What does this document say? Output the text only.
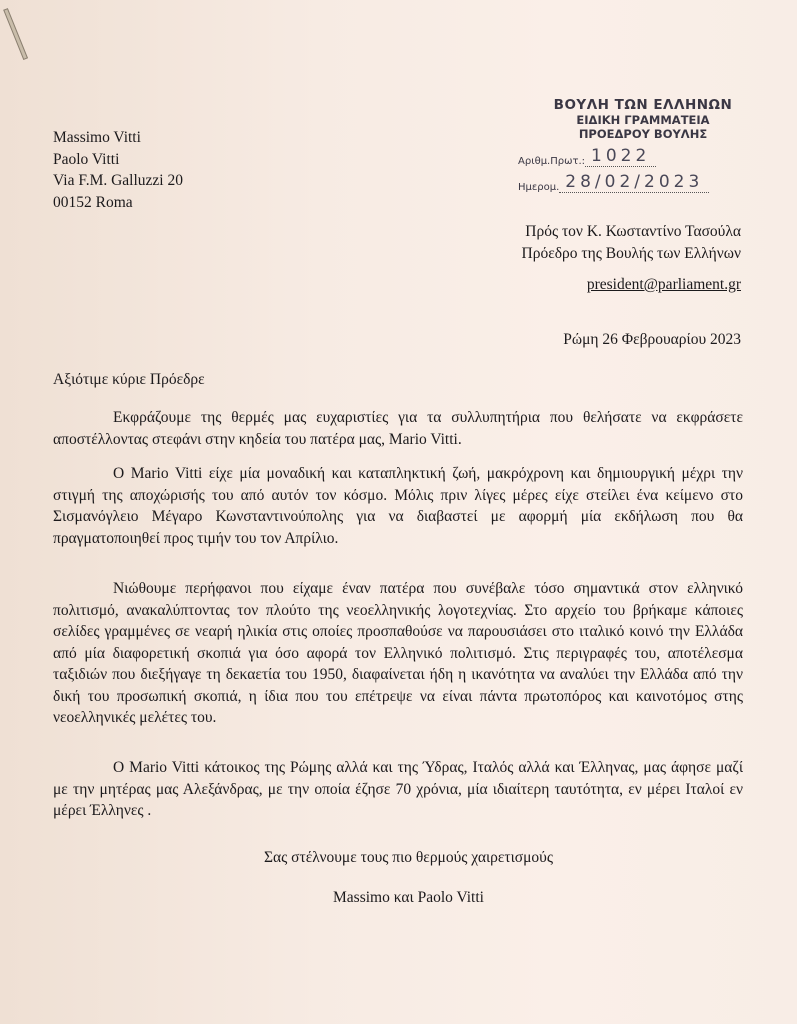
Massimo Vitti
Paolo Vitti
Via F.M. Galluzzi 20
00152 Roma
ΒΟΥΛΗ ΤΩΝ ΕΛΛΗΝΩΝ
ΕΙΔΙΚΗ ΓΡΑΜΜΑΤΕΙΑ
ΠΡΟΕΔΡΟΥ ΒΟΥΛΗΣ
Αριθμ.Πρωτ.: 1022
Ημερομ. 28/02/2023
Πρός τον Κ. Κωσταντίνο Τασούλα
Πρόεδρο της Βουλής των Ελλήνων
president@parliament.gr
Ρώμη 26 Φεβρουαρίου 2023
Αξιότιμε κύριε Πρόεδρε
Εκφράζουμε της θερμές μας ευχαριστίες για τα συλλυπητήρια που θελήσατε να εκφράσετε αποστέλλοντας στεφάνι στην κηδεία του πατέρα μας, Mario Vitti.
O Mario Vitti είχε μία μοναδική και καταπληκτική ζωή, μακρόχρονη και δημιουργική μέχρι την στιγμή της αποχώρισής του από αυτόν τον κόσμο. Μόλις πριν λίγες μέρες είχε στείλει ένα κείμενο στο Σισμανόγλειο Μέγαρο Κωνσταντινούπολης για να διαβαστεί με αφορμή μία εκδήλωση που θα πραγματοποιηθεί προς τιμήν του τον Απρίλιο.
Νιώθουμε περήφανοι που είχαμε έναν πατέρα που συνέβαλε τόσο σημαντικά στον ελληνικό πολιτισμό, ανακαλύπτοντας τον πλούτο της νεοελληνικής λογοτεχνίας. Στο αρχείο του βρήκαμε κάποιες σελίδες γραμμένες σε νεαρή ηλικία στις οποίες προσπαθούσε να παρουσιάσει στο ιταλικό κοινό την Ελλάδα από μία διαφορετική σκοπιά για όσο αφορά τον Ελληνικό πολιτισμό. Στις περιγραφές του, αποτέλεσμα ταξιδιών που διεξήγαγε τη δεκαετία του 1950, διαφαίνεται ήδη η ικανότητα να αναλύει την Ελλάδα από την δική του προσωπική σκοπιά, η ίδια που του επέτρεψε να είναι πάντα πρωτοπόρος και καινοτόμος στης νεοελληνικές μελέτες του.
O Mario Vitti κάτοικος της Ρώμης αλλά και της Ύδρας, Ιταλός αλλά και Έλληνας, μας άφησε μαζί με την μητέρας μας Αλεξάνδρας, με την οποία έζησε 70 χρόνια, μία ιδιαίτερη ταυτότητα, εν μέρει Ιταλοί εν μέρει Έλληνες .
Σας στέλνουμε τους πιο θερμούς χαιρετισμούς
Massimo και Paolo Vitti
